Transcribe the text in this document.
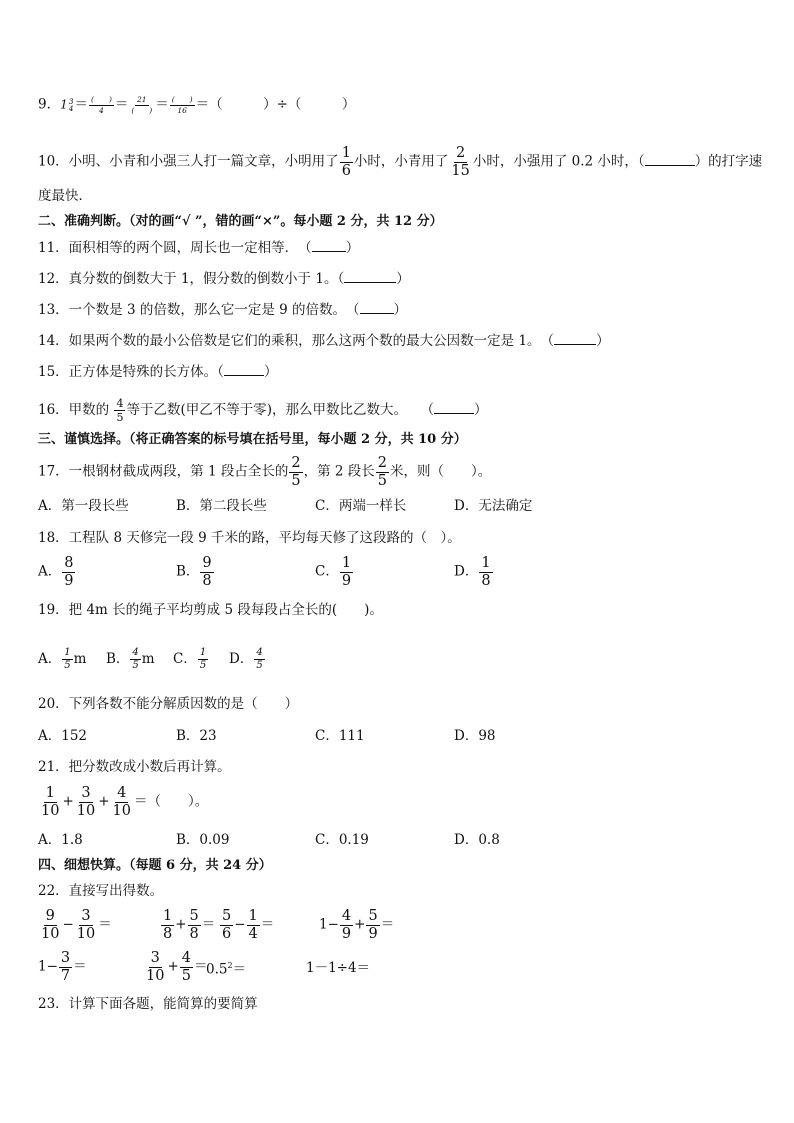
9．1 3
$4 = \frac{( )}{4} = \frac{21}{( )} = \frac{( )}{16}$ ＝（　　　）÷（　　　）
10．小明、小青和小强三人打一篇文章，小明用了 $\frac{1}{6}$ 小时，小青用了 $\frac{2}{15}$ 小时，小强用了 0.2 小时，（	）的打字速
度最快．
二、准确判断。（对的画“√ ”，错的画“×”。每小题 2 分，共 12 分）
11．面积相等的两个圆，周长也一定相等．　（	）
12．真分数的倒数大于 1，假分数的倒数小于 1。（	）
13．一个数是 3 的倍数，那么它一定是 9 的倍数。　（	）
14．如果两个数的最小公倍数是它们的乘积，那么这两个数的最大公因数一定是 1。　（	）
15．正方体是特殊的长方体。（	）
16．甲数的 $\frac{4}{5}$ 等于乙数(甲乙不等于零)，那么甲数比乙数大。　　（	）
三、谨慎选择。（将正确答案的标号填在括号里，每小题 2 分，共 10 分）
17．一根钢材截成两段，第 1 段占全长的 $\frac{2}{5}$ ，第 2 段长 $\frac{2}{5}$ 米，则（　　）。
A．第一段长些	B．第二段长些	C．两端一样长	D．无法确定
18．工程队 8 天修完一段 9 千米的路，平均每天修了这段路的（　）。
A． $\frac{8}{9}$	B． $\frac{9}{8}$	C． $\frac{1}{9}$	D． $\frac{1}{8}$
19．把 4m 长的绳子平均剪成 5 段每段占全长的(　　)。
A． $\frac{1}{5}$ m B． $\frac{4}{5}$ m C． $\frac{1}{5}$ D． $\frac{4}{5}$
20．下列各数不能分解质因数的是（　　）
A．152	B．23	C．111	D．98
21．把分数改成小数后再计算。
$\frac{1}{10} + \frac{3}{10} + \frac{4}{10}$ ＝（　　）。
A．1.8	B．0.09	C．0.19	D．0.8
四、细想快算。（每题 6 分，共 24 分）
22．直接写出得数。
$\frac{9}{10} - \frac{3}{10}$ ＝	$\frac{1}{8} + \frac{5}{8} = \frac{5}{6} - \frac{1}{4}$ ＝	$1- \frac{4}{9} + \frac{5}{9}$ ＝
$1- \frac{3}{7}$ ＝	$\frac{3}{10} + \frac{4}{5}$ ＝
$0.5^2=$	1－1÷4＝
23．计算下面各题，能简算的要简算
